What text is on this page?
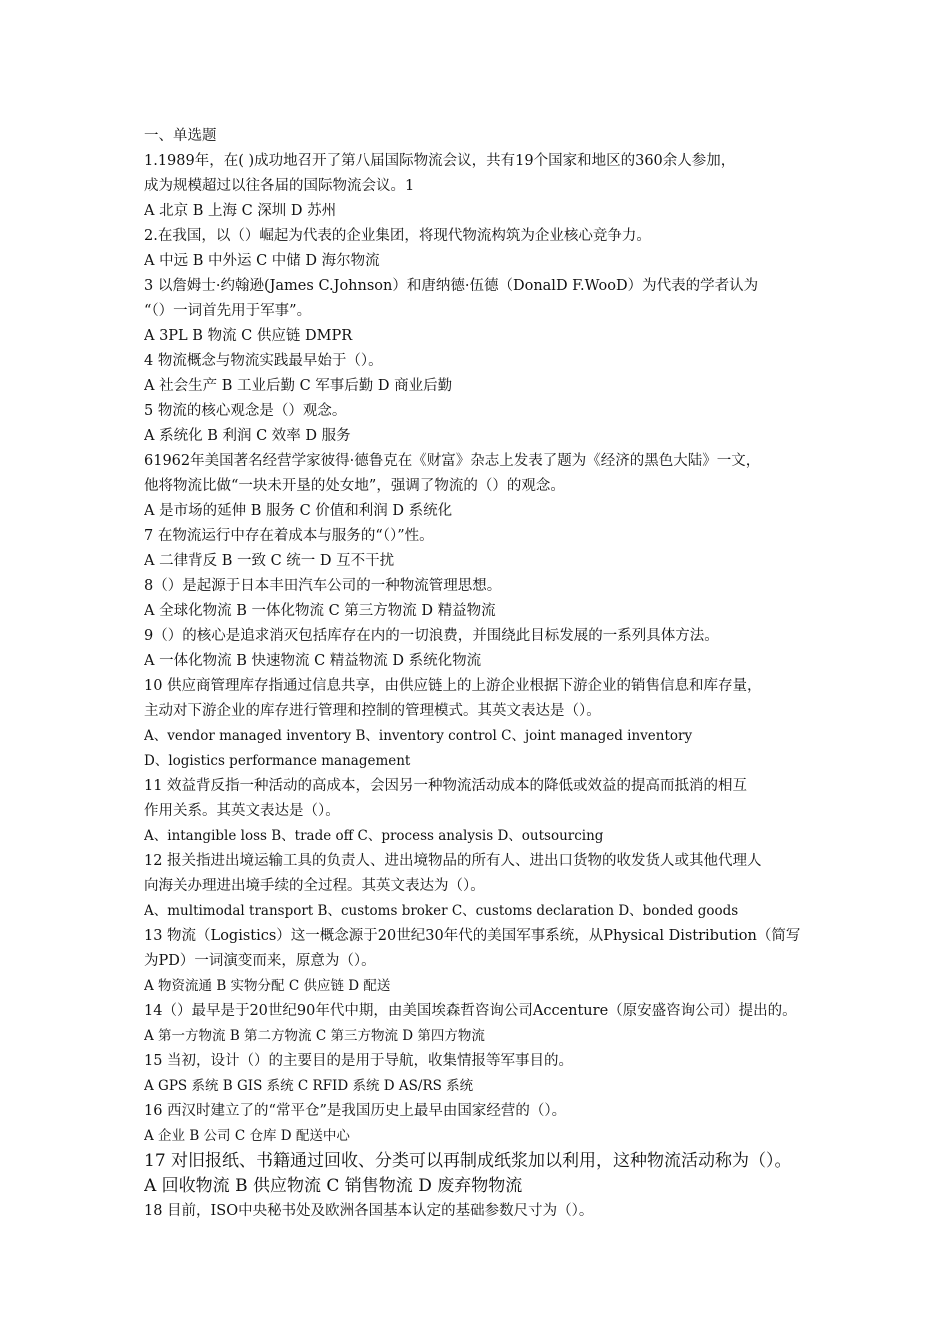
一、单选题
1.1989年，在( )成功地召开了第八届国际物流会议，共有19个国家和地区的360余人参加，
成为规模超过以往各届的国际物流会议。1
A 北京 B 上海 C 深圳 D 苏州
2.在我国，以（）崛起为代表的企业集团，将现代物流构筑为企业核心竞争力。
A 中远 B 中外运 C 中储 D 海尔物流
3 以詹姆士·约翰逊(James C.Johnson）和唐纳德·伍德（DonalD F.WooD）为代表的学者认为
“（）一词首先用于军事”。
A 3PL B 物流 C 供应链 DMPR
4 物流概念与物流实践最早始于（）。
A 社会生产 B 工业后勤 C 军事后勤 D 商业后勤
5 物流的核心观念是（）观念。
A 系统化 B 利润 C 效率 D 服务
61962年美国著名经营学家彼得·德鲁克在《财富》杂志上发表了题为《经济的黑色大陆》一文，
他将物流比做“一块未开垦的处女地”，强调了物流的（）的观念。
A 是市场的延伸 B 服务 C 价值和利润 D 系统化
7 在物流运行中存在着成本与服务的“（）”性。
A 二律背反 B 一致 C 统一 D 互不干扰
8（）是起源于日本丰田汽车公司的一种物流管理思想。
A 全球化物流 B 一体化物流 C 第三方物流 D 精益物流
9（）的核心是追求消灭包括库存在内的一切浪费，并围绕此目标发展的一系列具体方法。
A 一体化物流 B 快速物流 C 精益物流 D 系统化物流
10 供应商管理库存指通过信息共享，由供应链上的上游企业根据下游企业的销售信息和库存量，
主动对下游企业的库存进行管理和控制的管理模式。其英文表达是（）。
A、vendor managed inventory B、inventory control C、joint managed inventory
D、logistics performance management
11 效益背反指一种活动的高成本，会因另一种物流活动成本的降低或效益的提高而抵消的相互
作用关系。其英文表达是（）。
A、intangible loss B、trade off C、process analysis D、outsourcing
12 报关指进出境运输工具的负责人、进出境物品的所有人、进出口货物的收发货人或其他代理人
向海关办理进出境手续的全过程。其英文表达为（）。
A、multimodal transport B、customs broker C、customs declaration D、bonded goods
13 物流（Logistics）这一概念源于20世纪30年代的美国军事系统，从Physical Distribution（简写
为PD）一词演变而来，原意为（）。
A 物资流通 B 实物分配 C 供应链 D 配送
14（）最早是于20世纪90年代中期，由美国埃森哲咨询公司Accenture（原安盛咨询公司）提出的。
A 第一方物流 B 第二方物流 C 第三方物流 D 第四方物流
15 当初，设计（）的主要目的是用于导航，收集情报等军事目的。
A GPS 系统 B GIS 系统 C RFID 系统 D AS/RS 系统
16 西汉时建立了的“常平仓”是我国历史上最早由国家经营的（）。
A 企业 B 公司 C 仓库 D 配送中心
17 对旧报纸、书籍通过回收、分类可以再制成纸浆加以利用，这种物流活动称为（）。
A 回收物流 B 供应物流 C 销售物流 D 废弃物物流
18 目前，ISO中央秘书处及欧洲各国基本认定的基础参数尺寸为（）。
